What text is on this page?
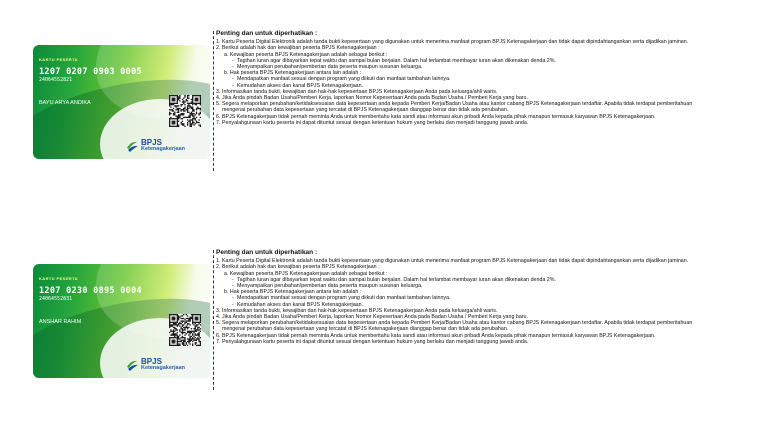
KARTU PESERTA
1207 0207 0903 0005
24064552821
BAYU ARYA ANDIKA
BPJS
Ketenagakerjaan
Penting dan untuk diperhatikan :
1. Kartu Peserta Digital Elektronik adalah tanda bukti kepesertaan yang digunakan untuk menerima manfaat program BPJS Ketenagakerjaan dan tidak dapat dipindahtangankan serta dijadikan jaminan.
2. Berikut adalah hak dan kewajiban peserta BPJS Ketenagakerjaan :
a. Kewajiban peserta BPJS Ketenagakerjaan adalah sebagai berikut :
- Tagihan iuran agar dibayarkan tepat waktu dan sampai bulan berjalan. Dalam hal terlambat membayar iuran akan dikenakan denda 2%.
- Menyampaikan perubahan/pemberian data peserta maupun susunan keluarga.
b. Hak peserta BPJS Ketenagakerjaan antara lain adalah :
- Mendapatkan manfaat sesuai dengan program yang diikuti dan manfaat tambahan lainnya.
- Kemudahan akses dan kanal BPJS Ketenagakerjaan.
3. Informasikan tanda bukti, kewajiban dan hak-hak kepesertaan BPJS Ketenagakerjaan Anda pada keluarga/ahli waris.
4. Jika Anda pindah Badan Usaha/Pemberi Kerja, laporkan Nomor Kepesertaan Anda pada Badan Usaha / Pemberi Kerja yang baru.
5. Segera melaporkan perubahan/ketidaksesuaian data kepesertaan anda kepada Pemberi Kerja/Badan Usaha atau kantor cabang BPJS Ketenagakerjaan terdaftar. Apabila tidak terdapat pemberitahuan mengenai perubahan data kepesertaan yang tercatat di BPJS Ketenagakerjaan dianggap benar dan tidak ada perubahan.
6. BPJS Ketenagakerjaan tidak pernah meminta Anda untuk memberitahu kata sandi atau informasi akun pribadi Anda kepada pihak manapun termasuk karyawan BPJS Ketenagakerjaan.
7. Penyalahgunaan kartu peserta ini dapat dituntut sesuai dengan ketentuan hukum yang berlaku dan menjadi tanggung jawab anda.
KARTU PESERTA
1207 0230 0895 0004
24064552831
ANSHAR RAHIM
BPJS
Ketenagakerjaan
Penting dan untuk diperhatikan :
1. Kartu Peserta Digital Elektronik adalah tanda bukti kepesertaan yang digunakan untuk menerima manfaat program BPJS Ketenagakerjaan dan tidak dapat dipindahtangankan serta dijadikan jaminan.
2. Berikut adalah hak dan kewajiban peserta BPJS Ketenagakerjaan :
a. Kewajiban peserta BPJS Ketenagakerjaan adalah sebagai berikut :
- Tagihan iuran agar dibayarkan tepat waktu dan sampai bulan berjalan. Dalam hal terlambat membayar iuran akan dikenakan denda 2%.
- Menyampaikan perubahan/pemberian data peserta maupun susunan keluarga.
b. Hak peserta BPJS Ketenagakerjaan antara lain adalah :
- Mendapatkan manfaat sesuai dengan program yang diikuti dan manfaat tambahan lainnya.
- Kemudahan akses dan kanal BPJS Ketenagakerjaan.
3. Informasikan tanda bukti, kewajiban dan hak-hak kepesertaan BPJS Ketenagakerjaan Anda pada keluarga/ahli waris.
4. Jika Anda pindah Badan Usaha/Pemberi Kerja, laporkan Nomor Kepesertaan Anda pada Badan Usaha / Pemberi Kerja yang baru.
5. Segera melaporkan perubahan/ketidaksesuaian data kepesertaan anda kepada Pemberi Kerja/Badan Usaha atau kantor cabang BPJS Ketenagakerjaan terdaftar. Apabila tidak terdapat pemberitahuan mengenai perubahan data kepesertaan yang tercatat di BPJS Ketenagakerjaan dianggap benar dan tidak ada perubahan.
6. BPJS Ketenagakerjaan tidak pernah meminta Anda untuk memberitahu kata sandi atau informasi akun pribadi Anda kepada pihak manapun termasuk karyawan BPJS Ketenagakerjaan.
7. Penyalahgunaan kartu peserta ini dapat dituntut sesuai dengan ketentuan hukum yang berlaku dan menjadi tanggung jawab anda.
